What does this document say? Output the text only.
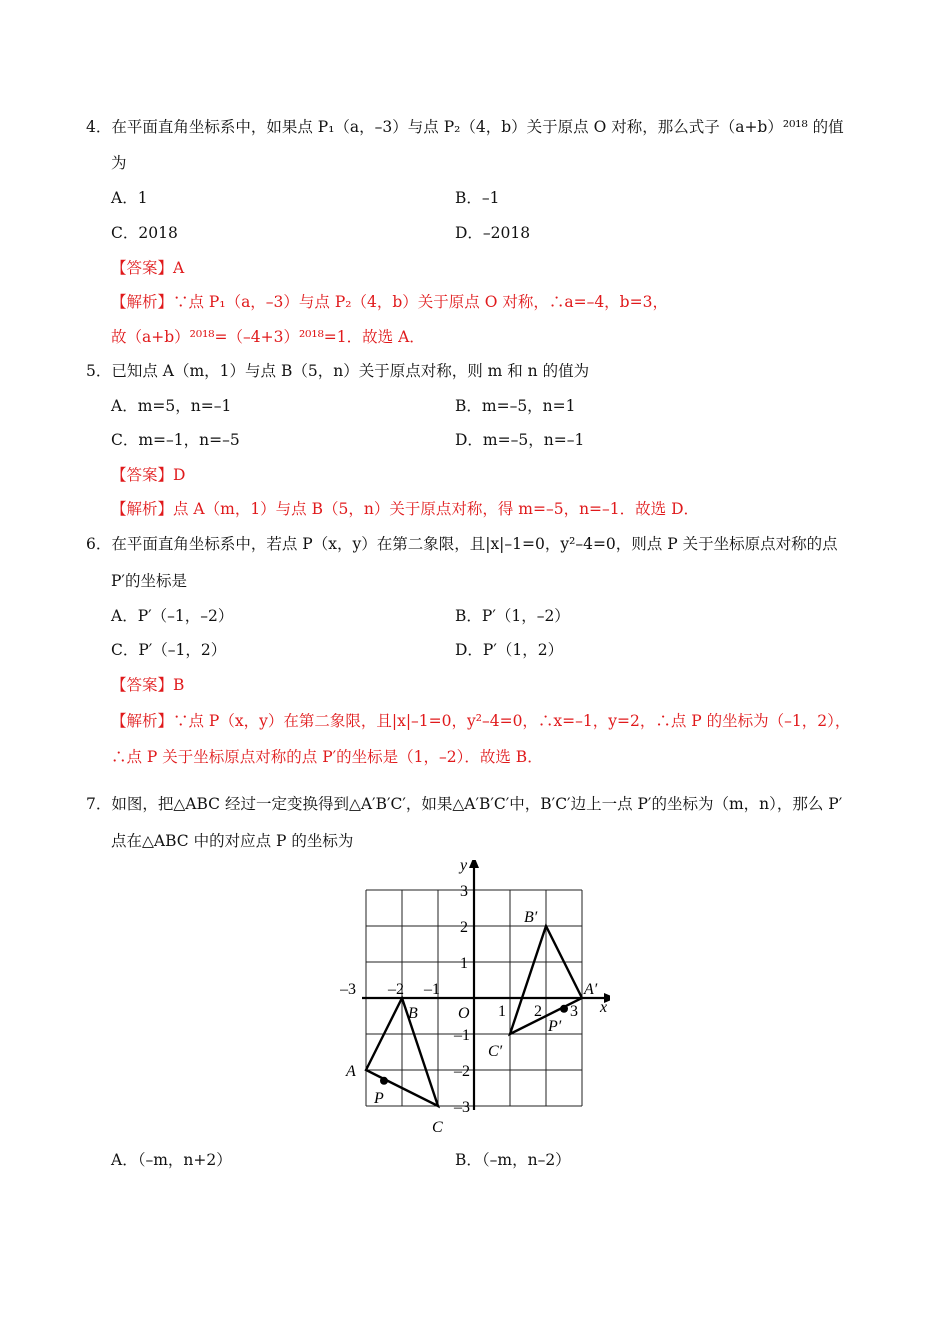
4．在平面直角坐标系中，如果点 P₁（a，–3）与点 P₂（4，b）关于原点 O 对称，那么式子（a+b）²⁰¹⁸ 的值
为
A．1	B．–1
C．2018	D．–2018
【答案】A
【解析】∵点 P₁（a，–3）与点 P₂（4，b）关于原点 O 对称，∴a=–4，b=3，
故（a+b）²⁰¹⁸=（–4+3）²⁰¹⁸=1．故选 A．
5．已知点 A（m，1）与点 B（5，n）关于原点对称，则 m 和 n 的值为
A．m=5，n=–1	B．m=–5，n=1
C．m=–1，n=–5	D．m=–5，n=–1
【答案】D
【解析】点 A（m，1）与点 B（5，n）关于原点对称，得 m=–5，n=–1．故选 D．
6．在平面直角坐标系中，若点 P（x，y）在第二象限，且|x|–1=0，y²–4=0，则点 P 关于坐标原点对称的点
P′的坐标是
A．P′（–1，–2）	B．P′（1，–2）
C．P′（–1，2）	D．P′（1，2）
【答案】B
【解析】∵点 P（x，y）在第二象限，且|x|–1=0，y²–4=0，∴x=–1，y=2，∴点 P 的坐标为（–1，2），
∴点 P 关于坐标原点对称的点 P′的坐标是（1，–2）．故选 B．
7．如图，把△ABC 经过一定变换得到△A′B′C′，如果△A′B′C′中，B′C′边上一点 P′的坐标为（m，n），那么 P′
点在△ABC 中的对应点 P 的坐标为
x
y
O
–3 –2 –1
1 2 3
3
2
1
–1
–2
–3
A
B
C
P
A′
B′
C′
P′
A．（–m，n+2）	B．（–m，n–2）
